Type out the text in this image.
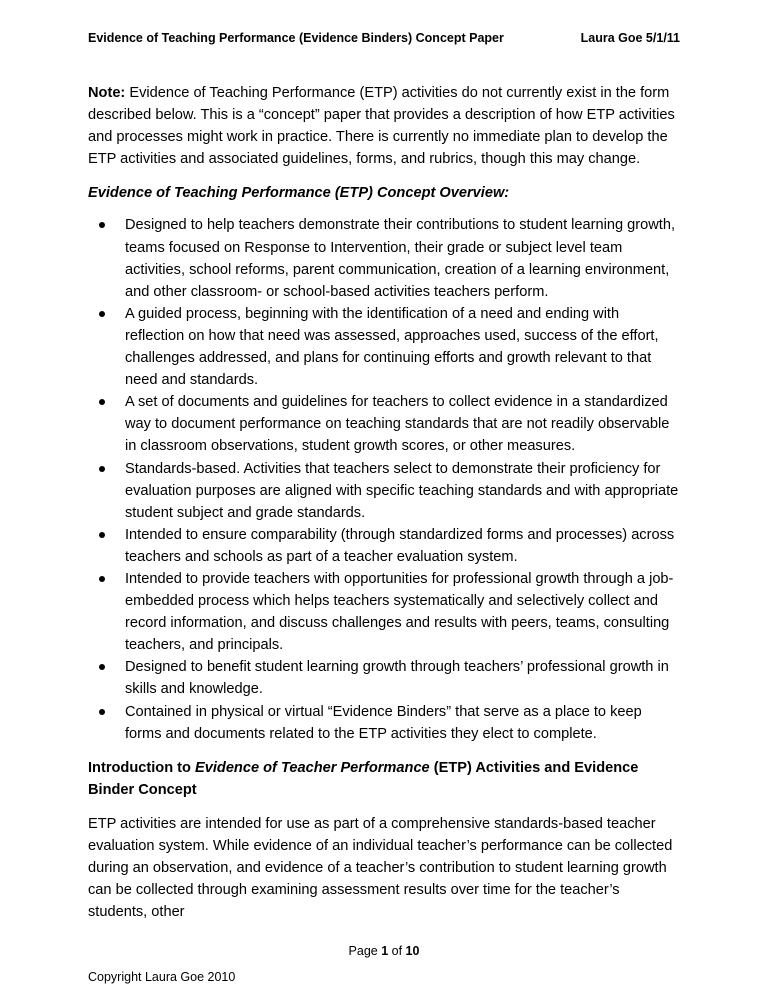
Evidence of Teaching Performance (Evidence Binders) Concept Paper	Laura Goe 5/1/11

Note: Evidence of Teaching Performance (ETP) activities do not currently exist in the form described below. This is a “concept” paper that provides a description of how ETP activities and processes might work in practice. There is currently no immediate plan to develop the ETP activities and associated guidelines, forms, and rubrics, though this may change.

Evidence of Teaching Performance (ETP) Concept Overview:
Designed to help teachers demonstrate their contributions to student learning growth, teams focused on Response to Intervention, their grade or subject level team activities, school reforms, parent communication, creation of a learning environment, and other classroom- or school-based activities teachers perform.
A guided process, beginning with the identification of a need and ending with reflection on how that need was assessed, approaches used, success of the effort, challenges addressed, and plans for continuing efforts and growth relevant to that need and standards.
A set of documents and guidelines for teachers to collect evidence in a standardized way to document performance on teaching standards that are not readily observable in classroom observations, student growth scores, or other measures.
Standards-based. Activities that teachers select to demonstrate their proficiency for evaluation purposes are aligned with specific teaching standards and with appropriate student subject and grade standards.
Intended to ensure comparability (through standardized forms and processes) across teachers and schools as part of a teacher evaluation system.
Intended to provide teachers with opportunities for professional growth through a job-embedded process which helps teachers systematically and selectively collect and record information, and discuss challenges and results with peers, teams, consulting teachers, and principals.
Designed to benefit student learning growth through teachers’ professional growth in skills and knowledge.
Contained in physical or virtual “Evidence Binders” that serve as a place to keep forms and documents related to the ETP activities they elect to complete.
Introduction to Evidence of Teacher Performance (ETP) Activities and Evidence Binder Concept

ETP activities are intended for use as part of a comprehensive standards-based teacher evaluation system. While evidence of an individual teacher’s performance can be collected during an observation, and evidence of a teacher’s contribution to student learning growth can be collected through examining assessment results over time for the teacher’s students, other

Page 1 of 10
Copyright Laura Goe 2010
